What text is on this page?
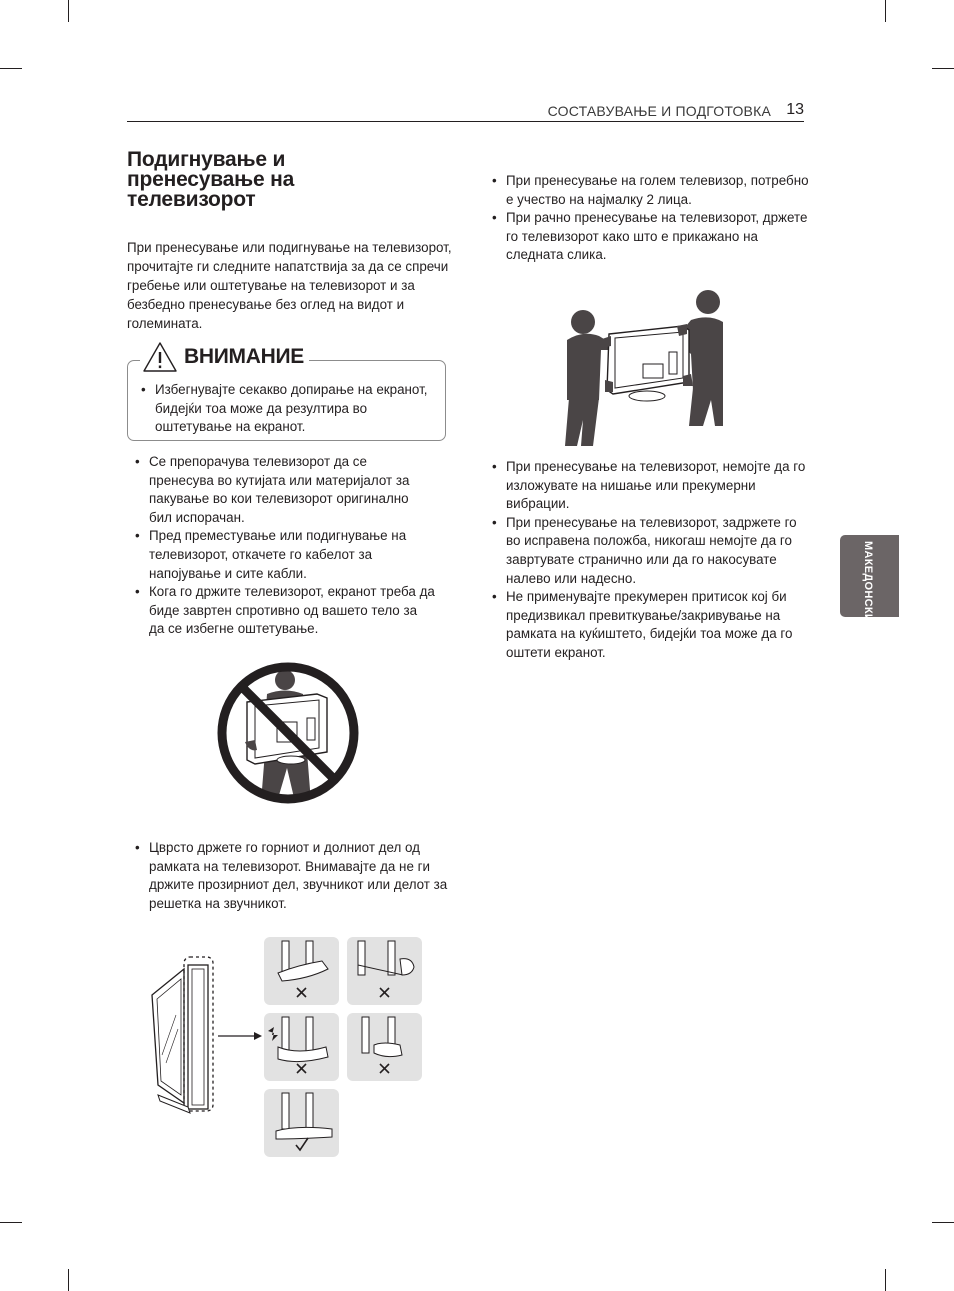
СОСТАВУВАЊЕ И ПОДГОТОВКА 13
Подигнување и пренесување на телевизорот

При пренесување или подигнување на телевизорот, прочитајте ги следните напатствија за да се спречи гребење или оштетување на телевизорот и за безбедно пренесување без оглед на видот и големината.

ВНИМАНИЕ
• Избегнувајте секакво допирање на екранот, бидејќи тоа може да резултира во оштетување на екранот.
• Се препорачува телевизорот да се пренесува во кутијата или материјалот за пакување во кои телевизорот оригинално бил испорачан.
• Пред преместување или подигнување на телевизорот, откачете го кабелот за напојување и сите кабли.
• Кога го држите телевизорот, екранот треба да биде завртен спротивно од вашето тело за да се избегне оштетување.
• Цврсто држете го горниот и долниот дел од рамката на телевизорот. Внимавајте да не ги држите прозирниот дел, звучникот или делот за решетка на звучникот.
• При пренесување на голем телевизор, потребно е учество на најмалку 2 лица.
• При рачно пренесување на телевизорот, држете го телевизорот како што е прикажано на следната слика.
• При пренесување на телевизорот, немојте да го изложувате на нишање или прекумерни вибрации.
• При пренесување на телевизорот, задржете го во исправена положба, никогаш немојте да го завртувате странично или да го накосувате налево или надесно.
• Не применувајте прекумерен притисок кој би предизвикал превиткување/закривување на рамката на куќиштето, бидејќи тоа може да го оштети екранот.
МАКЕДОНСКИ
